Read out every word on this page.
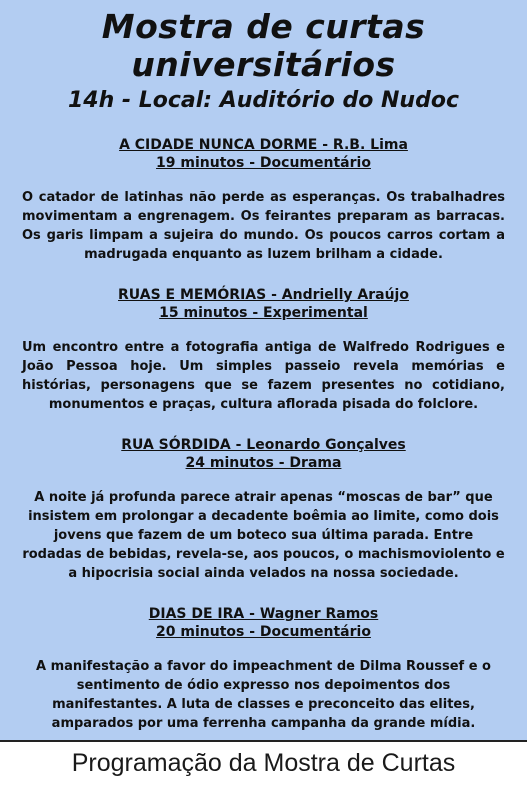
Mostra de curtas
universitários
14h - Local: Auditório do Nudoc
A CIDADE NUNCA DORME - R.B. Lima
19 minutos - Documentário
O catador de latinhas não perde as esperanças. Os trabalhadres movimentam a engrenagem. Os feirantes preparam as barracas. Os garis limpam a sujeira do mundo. Os poucos carros cortam a madrugada enquanto as luzem brilham a cidade.
RUAS E MEMÓRIAS - Andrielly Araújo
15 minutos - Experimental
Um encontro entre a fotografia antiga de Walfredo Rodrigues e João Pessoa hoje. Um simples passeio revela memórias e histórias, personagens que se fazem presentes no cotidiano, monumentos e praças, cultura aflorada pisada do folclore.
RUA SÓRDIDA - Leonardo Gonçalves
24 minutos - Drama
A noite já profunda parece atrair apenas “moscas de bar” que insistem em prolongar a decadente boêmia ao limite, como dois jovens que fazem de um boteco sua última parada. Entre rodadas de bebidas, revela-se, aos poucos, o machismoviolento e a hipocrisia social ainda velados na nossa sociedade.
DIAS DE IRA - Wagner Ramos
20 minutos - Documentário
A manifestação a favor do impeachment de Dilma Roussef e o sentimento de ódio expresso nos depoimentos dos manifestantes. A luta de classes e preconceito das elites, amparados por uma ferrenha campanha da grande mídia.
Programação da Mostra de Curtas
